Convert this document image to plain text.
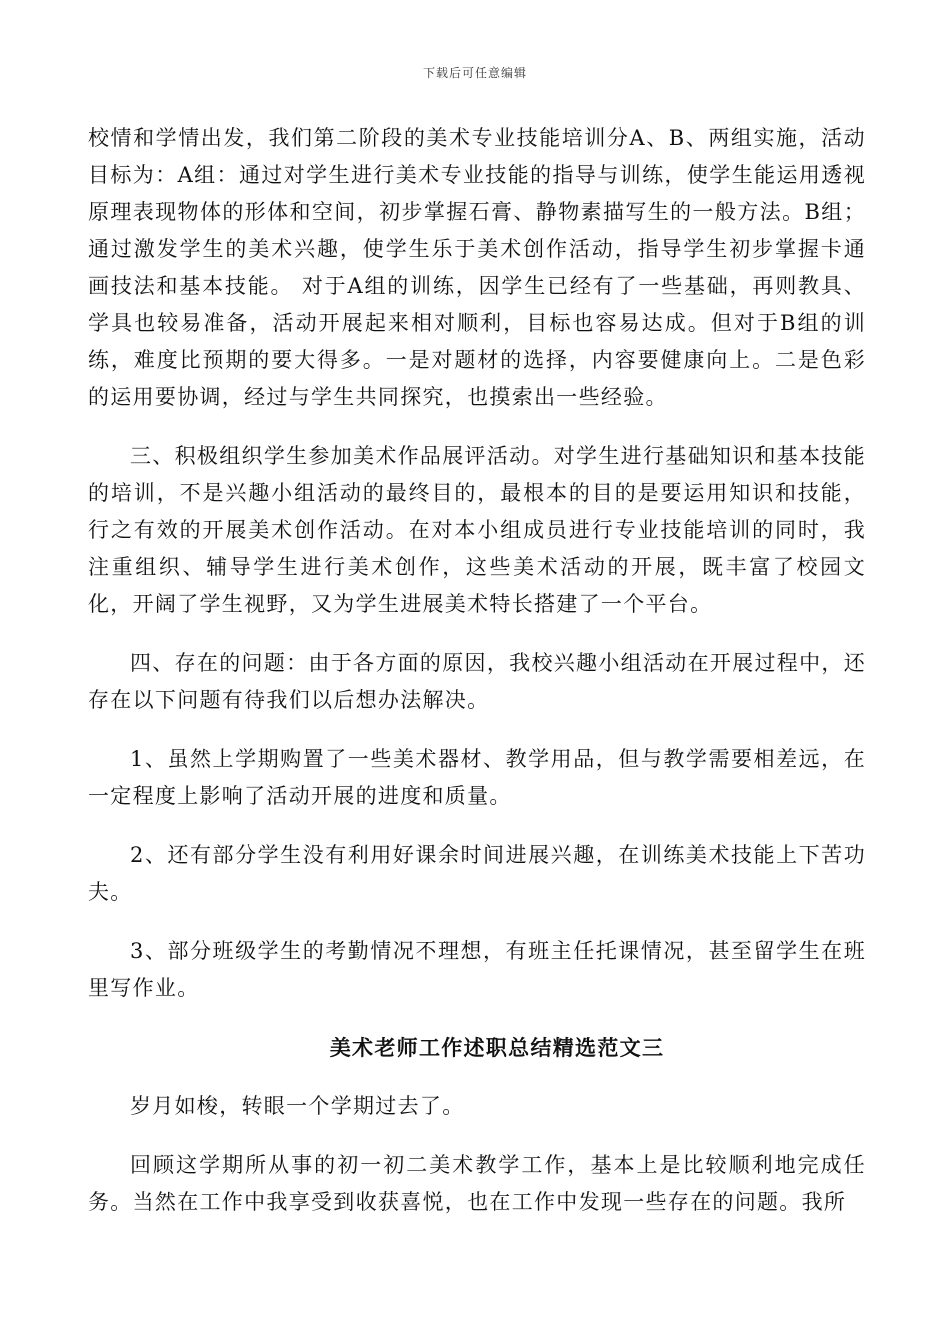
下载后可任意编辑

校情和学情出发，我们第二阶段的美术专业技能培训分A、B、两组实施，活动目标为：A组：通过对学生进行美术专业技能的指导与训练，使学生能运用透视原理表现物体的形体和空间，初步掌握石膏、静物素描写生的一般方法。B组；通过激发学生的美术兴趣，使学生乐于美术创作活动，指导学生初步掌握卡通画技法和基本技能。 对于A组的训练，因学生已经有了一些基础，再则教具、学具也较易准备，活动开展起来相对顺利，目标也容易达成。但对于B组的训练，难度比预期的要大得多。一是对题材的选择，内容要健康向上。二是色彩的运用要协调，经过与学生共同探究，也摸索出一些经验。

三、积极组织学生参加美术作品展评活动。对学生进行基础知识和基本技能的培训，不是兴趣小组活动的最终目的，最根本的目的是要运用知识和技能，行之有效的开展美术创作活动。在对本小组成员进行专业技能培训的同时，我注重组织、辅导学生进行美术创作，这些美术活动的开展，既丰富了校园文化，开阔了学生视野，又为学生进展美术特长搭建了一个平台。

四、存在的问题：由于各方面的原因，我校兴趣小组活动在开展过程中，还存在以下问题有待我们以后想办法解决。

1、虽然上学期购置了一些美术器材、教学用品，但与教学需要相差远，在一定程度上影响了活动开展的进度和质量。

2、还有部分学生没有利用好课余时间进展兴趣，在训练美术技能上下苦功夫。

3、部分班级学生的考勤情况不理想，有班主任托课情况，甚至留学生在班里写作业。

美术老师工作述职总结精选范文三

岁月如梭，转眼一个学期过去了。

回顾这学期所从事的初一初二美术教学工作，基本上是比较顺利地完成任务。当然在工作中我享受到收获喜悦，也在工作中发现一些存在的问题。我所
